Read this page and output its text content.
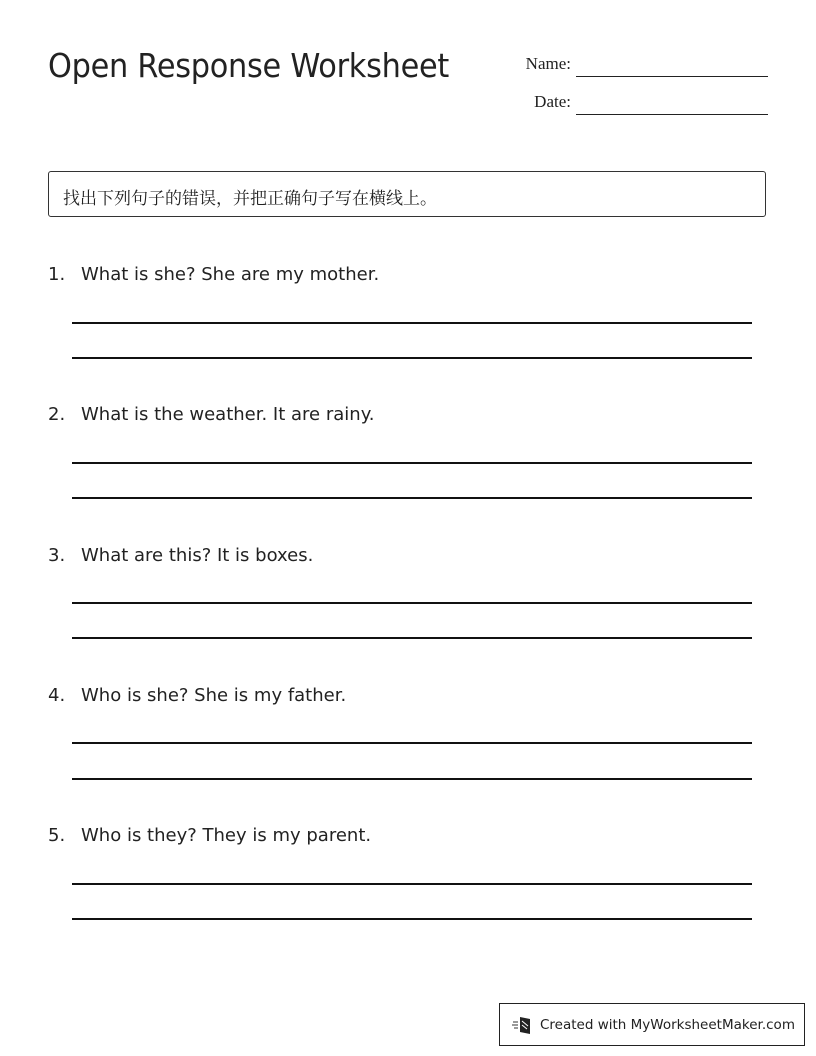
Open Response Worksheet	Name:
Date:
找出下列句子的错误，并把正确句子写在横线上。
1. What is she? She are my mother.
2. What is the weather. It are rainy.
3. What are this? It is boxes.
4. Who is she? She is my father.
5. Who is they? They is my parent.
Created with MyWorksheetMaker.com
